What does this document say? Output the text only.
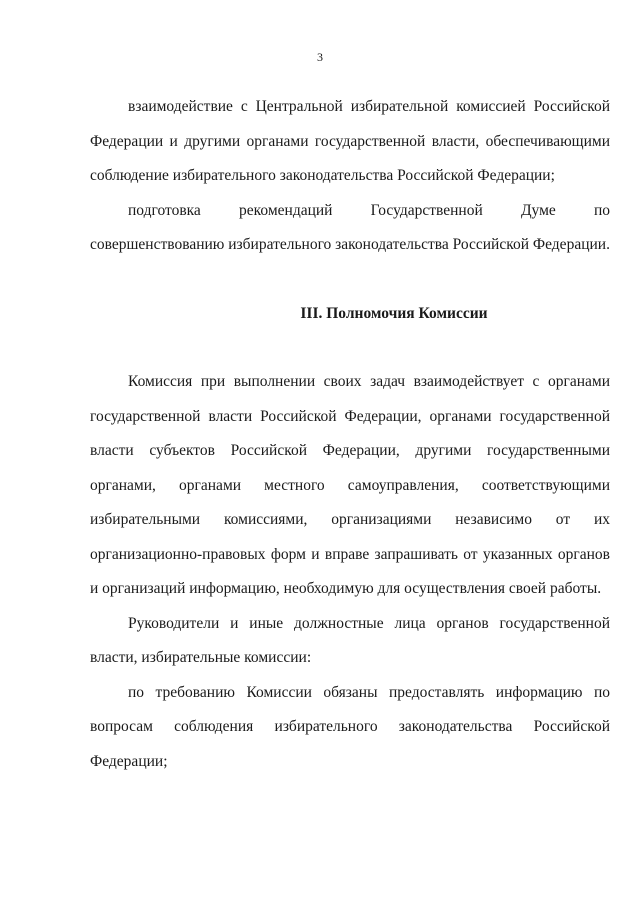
3

взаимодействие с Центральной избирательной комиссией Российской Федерации и другими органами государственной власти, обеспечивающими соблюдение избирательного законодательства Российской Федерации;

подготовка рекомендаций Государственной Думе по совершенствованию избирательного законодательства Российской Федерации.

III. Полномочия Комиссии

Комиссия при выполнении своих задач взаимодействует с органами государственной власти Российской Федерации, органами государственной власти субъектов Российской Федерации, другими государственными органами, органами местного самоуправления, соответствующими избирательными комиссиями, организациями независимо от их организационно-правовых форм и вправе запрашивать от указанных органов и организаций информацию, необходимую для осуществления своей работы.

Руководители и иные должностные лица органов государственной власти, избирательные комиссии:

по требованию Комиссии обязаны предоставлять информацию по вопросам соблюдения избирательного законодательства Российской Федерации;
